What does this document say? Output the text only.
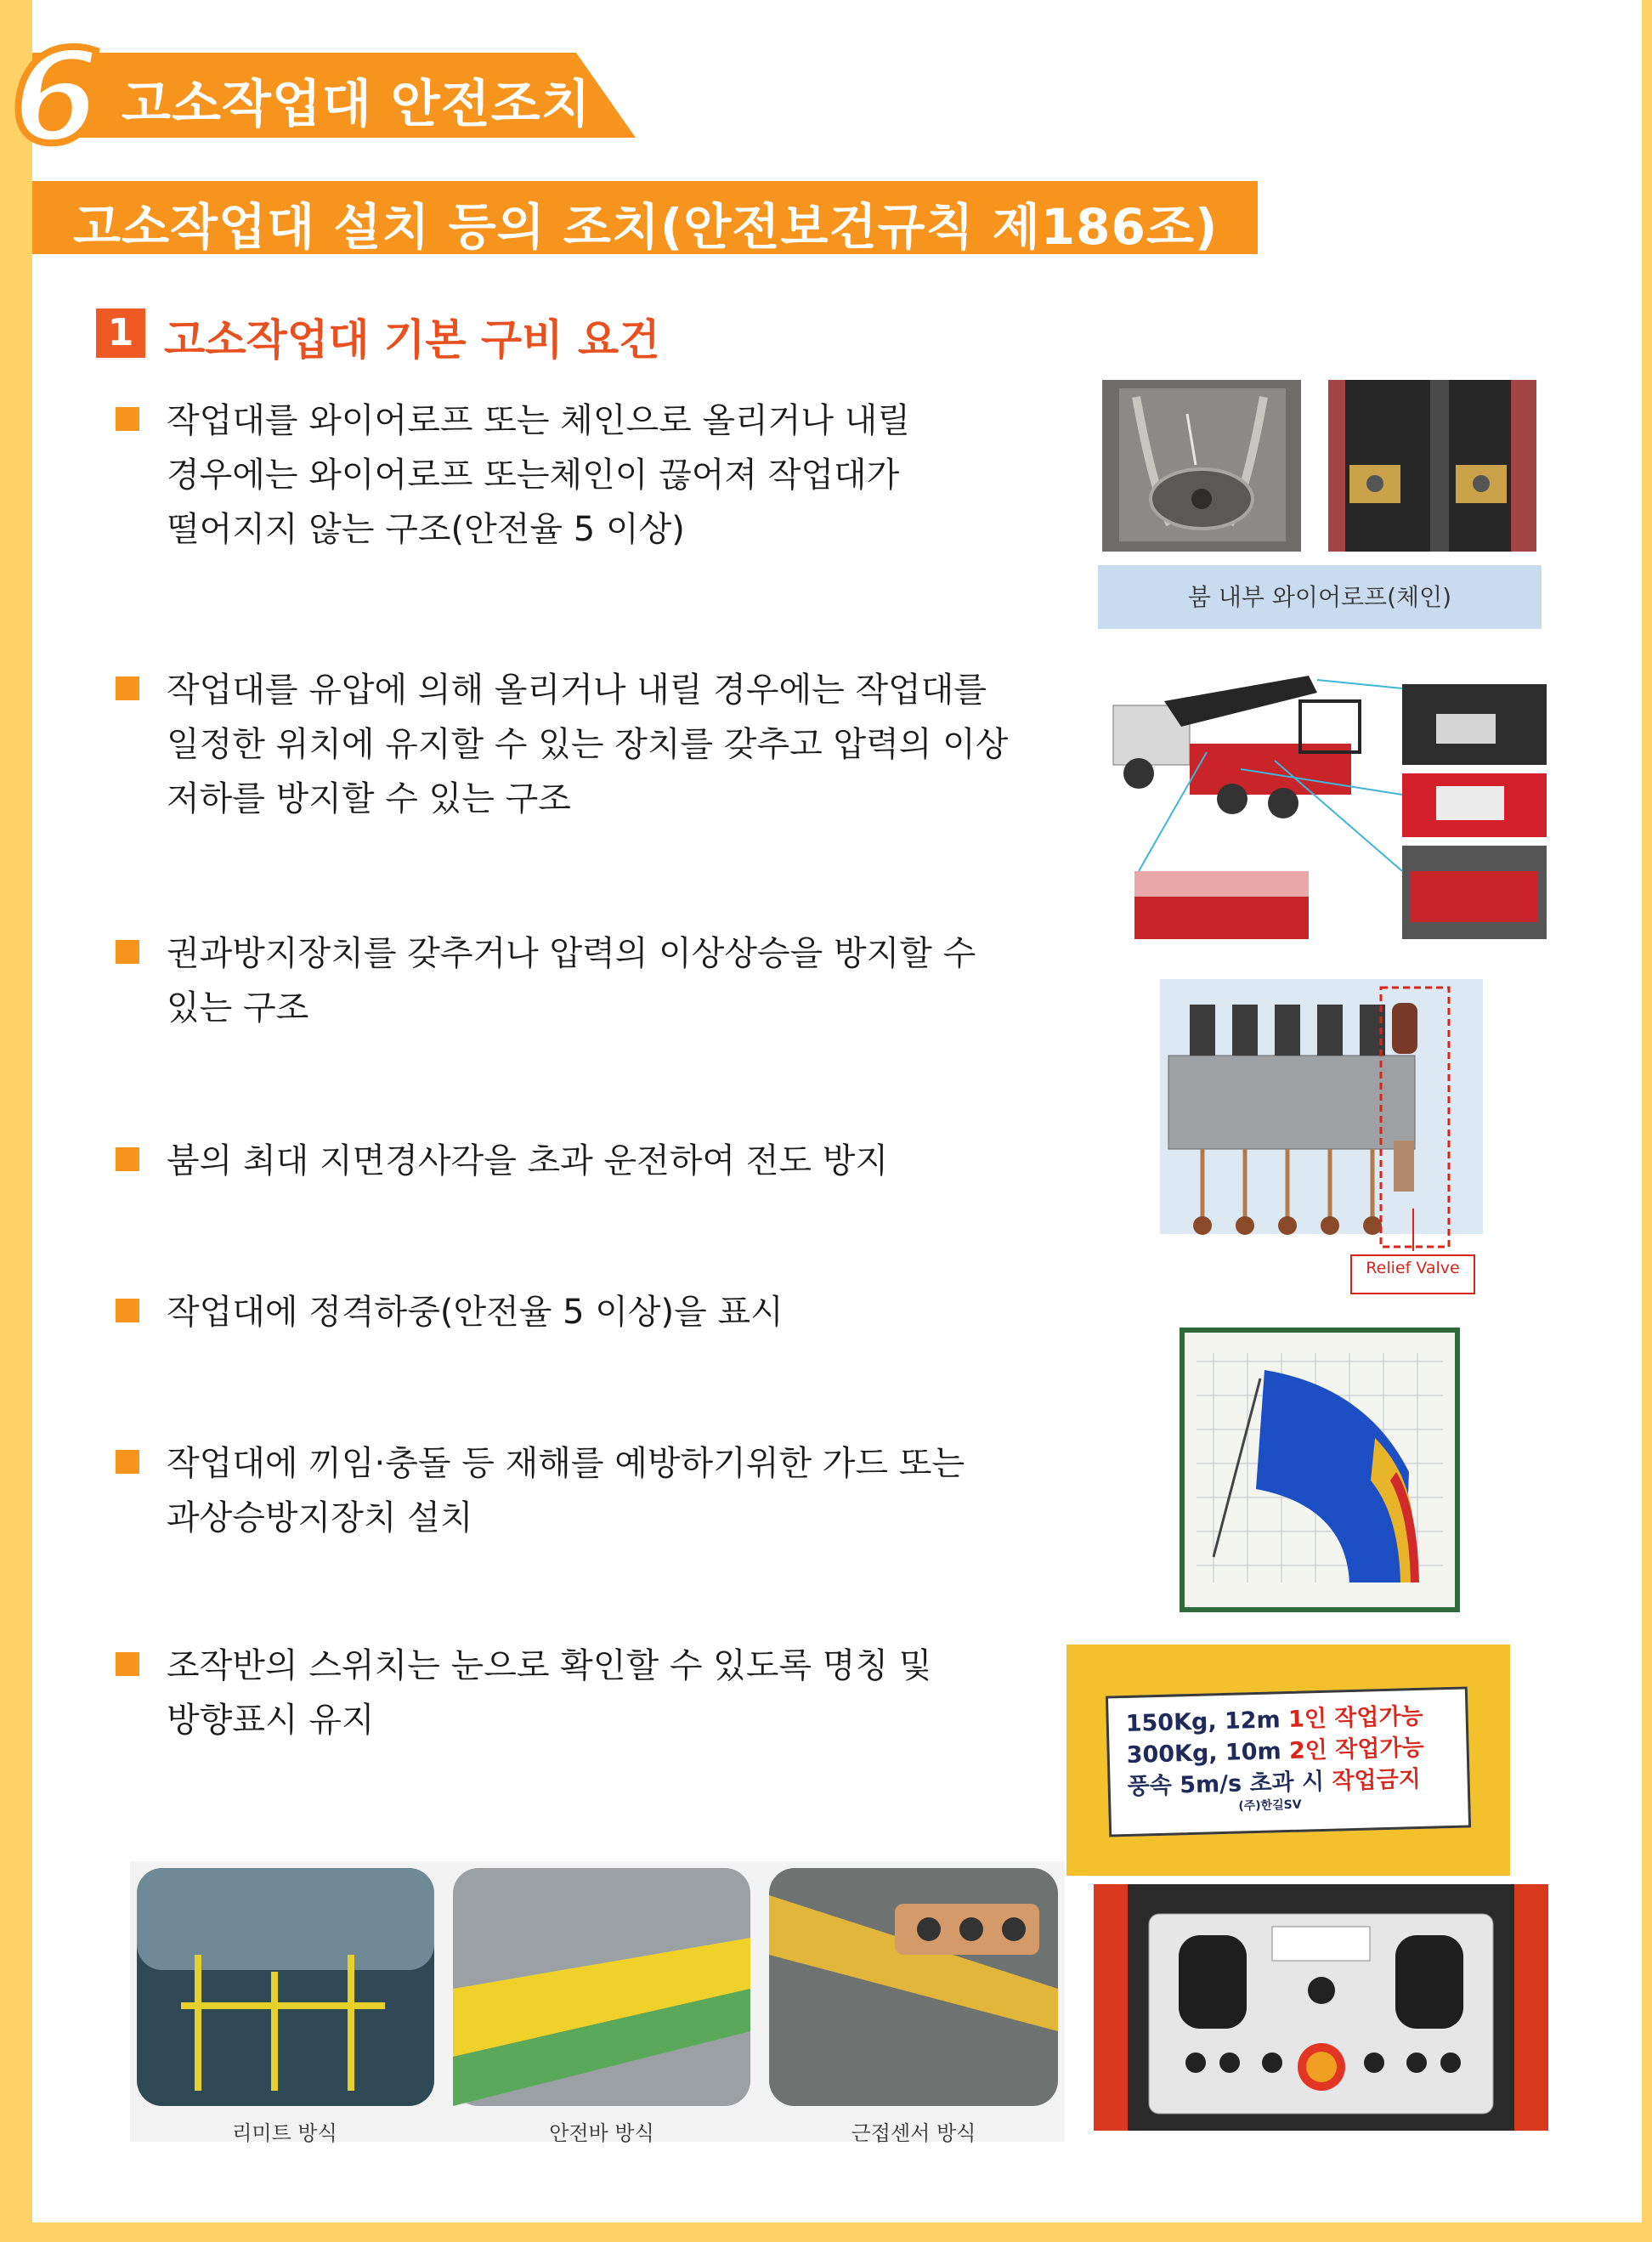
6 고소작업대 안전조치
고소작업대 설치 등의 조치(안전보건규칙 제186조)
1 고소작업대 기본 구비 요건
작업대를 와이어로프 또는 체인으로 올리거나 내릴
경우에는 와이어로프 또는체인이 끊어져 작업대가
떨어지지 않는 구조(안전율 5 이상)
작업대를 유압에 의해 올리거나 내릴 경우에는 작업대를
일정한 위치에 유지할 수 있는 장치를 갖추고 압력의 이상
저하를 방지할 수 있는 구조
권과방지장치를 갖추거나 압력의 이상상승을 방지할 수
있는 구조
붐의 최대 지면경사각을 초과 운전하여 전도 방지
작업대에 정격하중(안전율 5 이상)을 표시
작업대에 끼임·충돌 등 재해를 예방하기위한 가드 또는
과상승방지장치 설치
조작반의 스위치는 눈으로 확인할 수 있도록 명칭 및
방향표시 유지
붐 내부 와이어로프(체인)
Relief Valve
150Kg, 12m 1인 작업가능
300Kg, 10m 2인 작업가능
풍속 5m/s 초과 시 작업금지
(주)한길SV
리미트 방식	안전바 방식	근접센서 방식
